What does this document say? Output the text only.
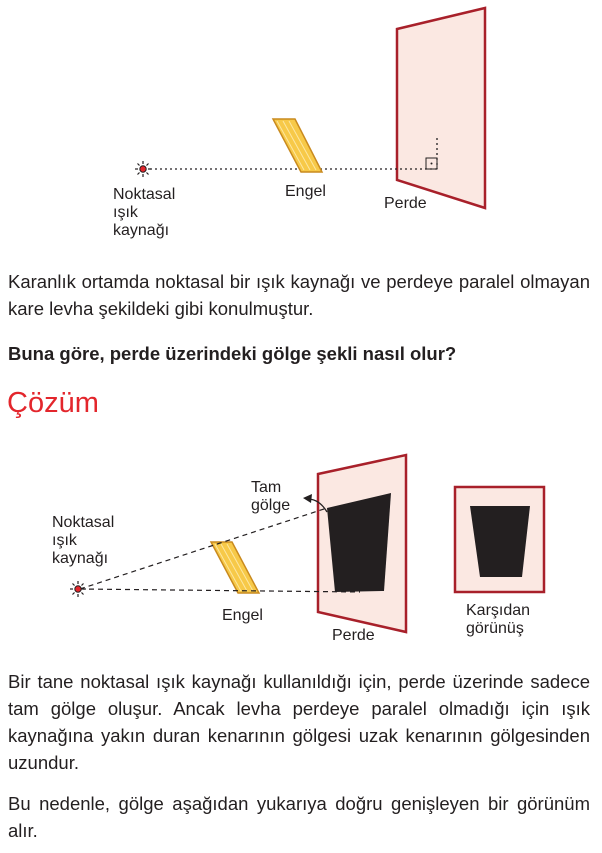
Noktasal
ışık
kaynağı
Engel
Perde
Karanlık ortamda noktasal bir ışık kaynağı ve perdeye paralel olmayan kare levha şekildeki gibi konulmuştur.
Buna göre, perde üzerindeki gölge şekli nasıl olur?
Çözüm
Noktasal
ışık
kaynağı
Tam
gölge
Engel
Perde
Karşıdan
görünüş
Bir tane noktasal ışık kaynağı kullanıldığı için, perde üzerinde sadece tam gölge oluşur. Ancak levha perdeye paralel olmadığı için ışık kaynağına yakın duran kenarının gölgesi uzak kenarının gölgesinden uzundur.
Bu nedenle, gölge aşağıdan yukarıya doğru genişleyen bir görünüm alır.
